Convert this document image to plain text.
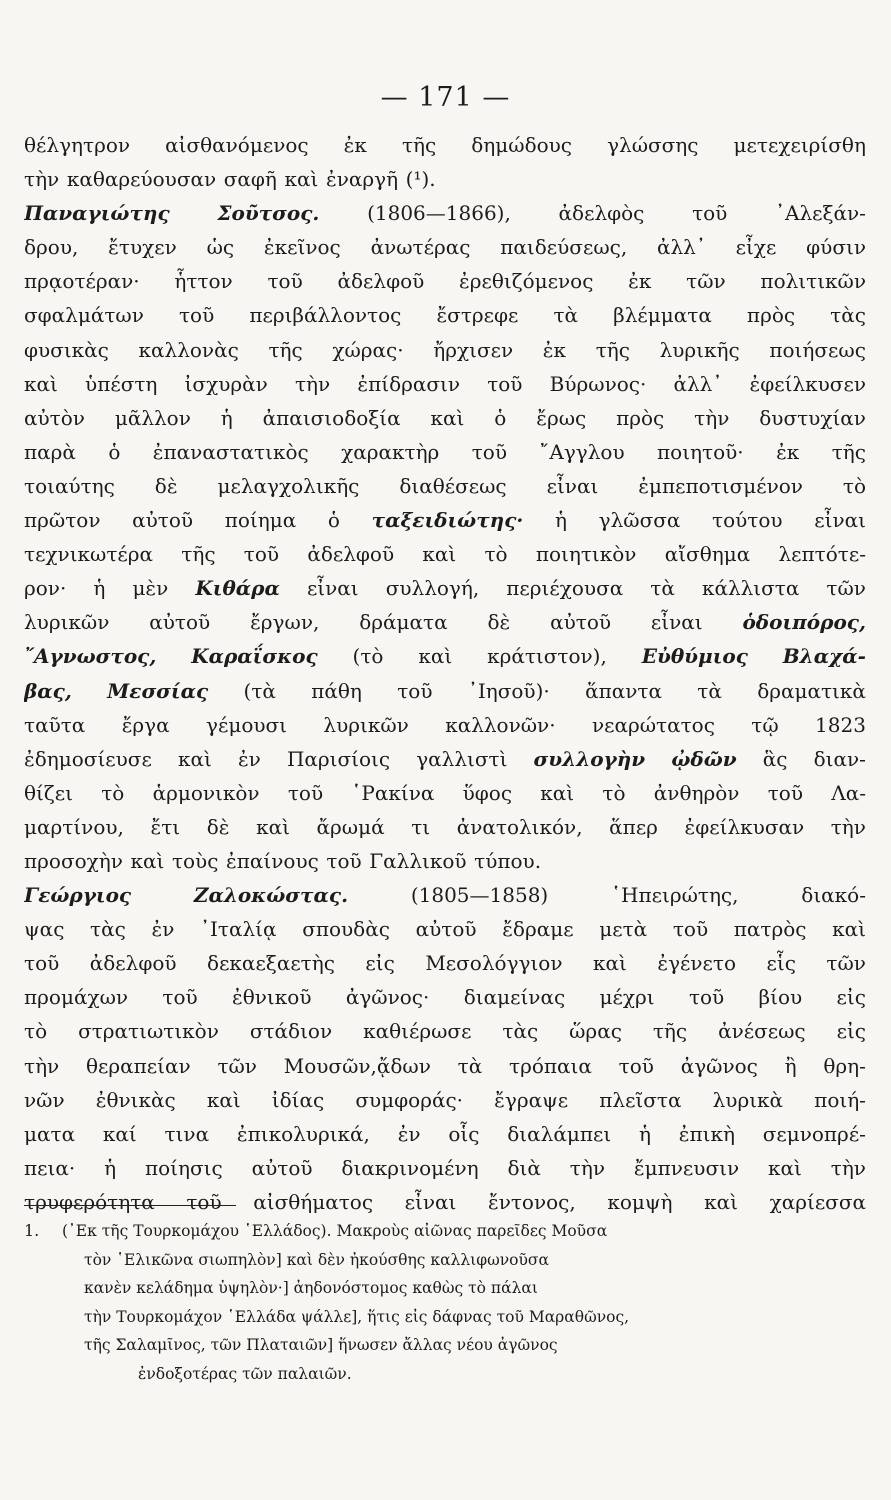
— 171 —
θέλγητρον αἰσθανόμενος ἐκ τῆς δημώδους γλώσσης μετεχειρίσθη
τὴν καθαρεύουσαν σαφῆ καὶ ἐναργῆ (¹).
Παναγιώτης Σοῦτσος. (1806—1866), ἀδελφὸς τοῦ ᾿Αλεξάν-
δρου, ἔτυχεν ὡς ἐκεῖνος ἀνωτέρας παιδεύσεως, ἀλλ᾿ εἶχε φύσιν
πρᾳοτέραν· ἧττον τοῦ ἀδελφοῦ ἐρεθιζόμενος ἐκ τῶν πολιτικῶν
σφαλμάτων τοῦ περιβάλλοντος ἔστρεφε τὰ βλέμματα πρὸς τὰς
φυσικὰς καλλονὰς τῆς χώρας· ἤρχισεν ἐκ τῆς λυρικῆς ποιήσεως
καὶ ὑπέστη ἰσχυρὰν τὴν ἐπίδρασιν τοῦ Βύρωνος· ἀλλ᾿ ἐφείλκυσεν
αὐτὸν μᾶλλον ἡ ἀπαισιοδοξία καὶ ὁ ἔρως πρὸς τὴν δυστυχίαν
παρὰ ὁ ἐπαναστατικὸς χαρακτὴρ τοῦ ῎Αγγλου ποιητοῦ· ἐκ τῆς
τοιαύτης δὲ μελαγχολικῆς διαθέσεως εἶναι ἐμπεποτισμένον τὸ
πρῶτον αὐτοῦ ποίημα ὁ ταξειδιώτης· ἡ γλῶσσα τούτου εἶναι
τεχνικωτέρα τῆς τοῦ ἀδελφοῦ καὶ τὸ ποιητικὸν αἴσθημα λεπτότε-
ρον· ἡ μὲν Κιθάρα εἶναι συλλογή, περιέχουσα τὰ κάλλιστα τῶν
λυρικῶν αὐτοῦ ἔργων, δράματα δὲ αὐτοῦ εἶναι ὁδοιπόρος,
῎Αγνωστος, Καραΐσκος (τὸ καὶ κράτιστον), Εὐθύμιος Βλαχά-
βας, Μεσσίας (τὰ πάθη τοῦ ᾿Ιησοῦ)· ἅπαντα τὰ δραματικὰ
ταῦτα ἔργα γέμουσι λυρικῶν καλλονῶν· νεαρώτατος τῷ 1823
ἐδημοσίευσε καὶ ἐν Παρισίοις γαλλιστὶ συλλογὴν ᾠδῶν ἃς διαν-
θίζει τὸ ἁρμονικὸν τοῦ ῾Ρακίνα ὕφος καὶ τὸ ἀνθηρὸν τοῦ Λα-
μαρτίνου, ἔτι δὲ καὶ ἄρωμά τι ἀνατολικόν, ἅπερ ἐφείλκυσαν τὴν
προσοχὴν καὶ τοὺς ἐπαίνους τοῦ Γαλλικοῦ τύπου.
Γεώργιος	Ζαλοκώστας.	(1805—1858)	῾Ηπειρώτης,	διακό-
ψας τὰς ἐν ᾿Ιταλίᾳ σπουδὰς αὐτοῦ ἔδραμε μετὰ τοῦ πατρὸς καὶ
τοῦ ἀδελφοῦ δεκαεξαετὴς εἰς Μεσολόγγιον καὶ ἐγένετο εἷς τῶν
προμάχων τοῦ ἐθνικοῦ ἀγῶνος· διαμείνας μέχρι τοῦ βίου εἰς
τὸ στρατιωτικὸν στάδιον καθιέρωσε τὰς ὥρας τῆς ἀνέσεως εἰς
τὴν θεραπείαν τῶν Μουσῶν,ᾄδων τὰ τρόπαια τοῦ ἀγῶνος ἢ θρη-
νῶν ἐθνικὰς καὶ ἰδίας συμφοράς· ἔγραψε πλεῖστα λυρικὰ ποιή-
ματα καί τινα ἐπικολυρικά, ἐν οἷς διαλάμπει ἡ ἐπικὴ σεμνοπρέ-
πεια· ἡ ποίησις αὐτοῦ διακρινομένη διὰ τὴν ἔμπνευσιν καὶ τὴν
τρυφερότητα τοῦ αἰσθήματος εἶναι ἔντονος, κομψὴ καὶ χαρίεσσα
1. (᾿Εκ τῆς Τουρκομάχου ῾Ελλάδος). Μακροὺς αἰῶνας παρεῖδες Μοῦσα
τὸν ῾Ελικῶνα σιωπηλὸν] καὶ δὲν ἠκούσθης καλλιφωνοῦσα
κανὲν κελάδημα ὑψηλὸν·] ἀηδονόστομος καθὼς τὸ πάλαι
τὴν Τουρκομάχον ῾Ελλάδα ψάλλε], ἥτις εἰς δάφνας τοῦ Μαραθῶνος,
τῆς Σαλαμῖνος, τῶν Πλαταιῶν] ἥνωσεν ἄλλας νέου ἀγῶνος
ἐνδοξοτέρας τῶν παλαιῶν.
